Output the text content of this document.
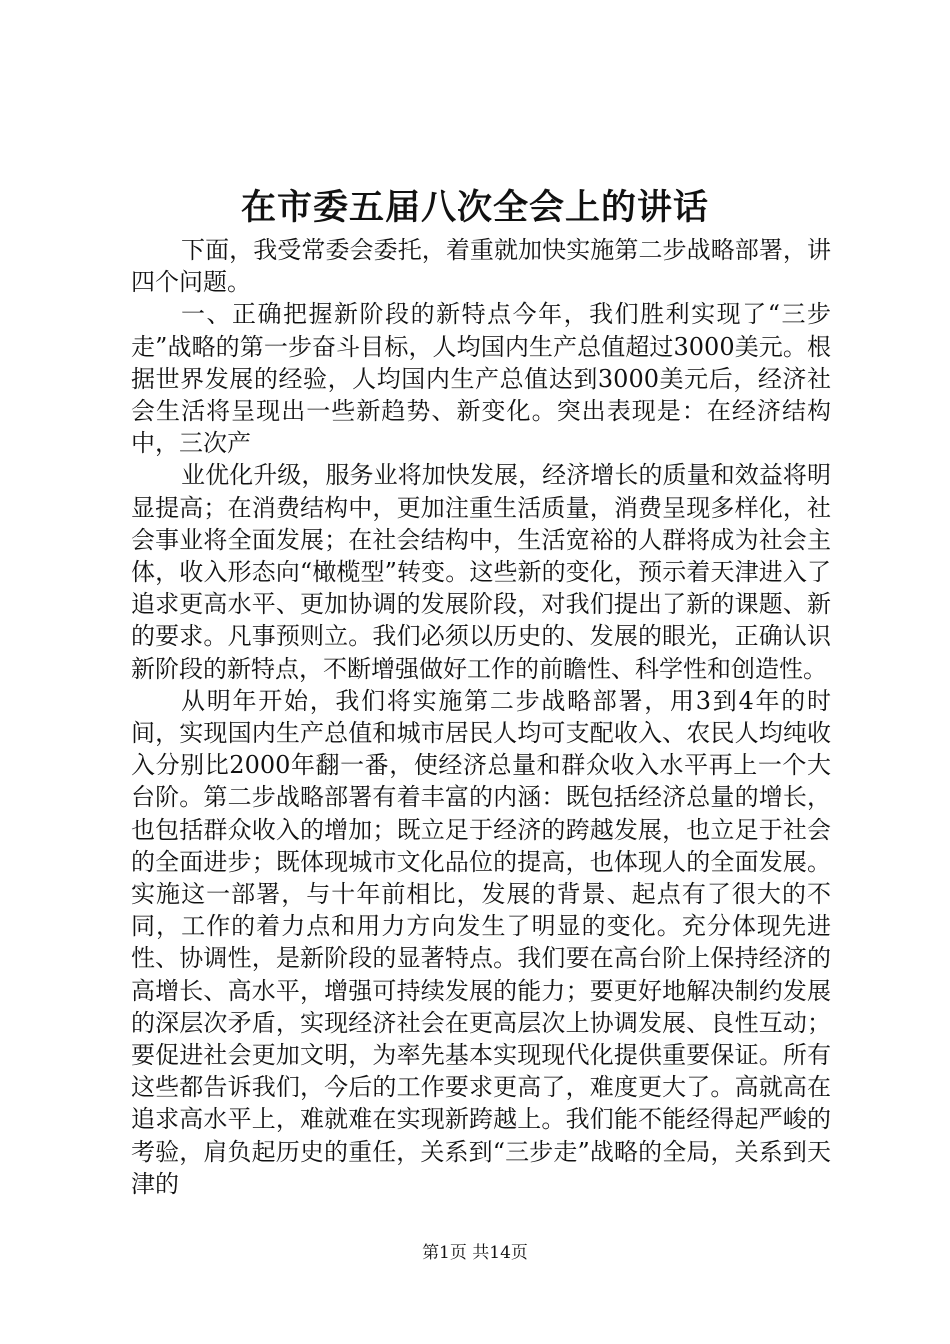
在市委五届八次全会上的讲话

下面，我受常委会委托，着重就加快实施第二步战略部署，讲四个问题。

一、正确把握新阶段的新特点今年，我们胜利实现了“三步走”战略的第一步奋斗目标，人均国内生产总值超过3000美元。根据世界发展的经验，人均国内生产总值达到3000美元后，经济社会生活将呈现出一些新趋势、新变化。突出表现是：在经济结构中，三次产

业优化升级，服务业将加快发展，经济增长的质量和效益将明显提高；在消费结构中，更加注重生活质量，消费呈现多样化，社会事业将全面发展；在社会结构中，生活宽裕的人群将成为社会主体，收入形态向“橄榄型”转变。这些新的变化，预示着天津进入了追求更高水平、更加协调的发展阶段，对我们提出了新的课题、新的要求。凡事预则立。我们必须以历史的、发展的眼光，正确认识新阶段的新特点，不断增强做好工作的前瞻性、科学性和创造性。

从明年开始，我们将实施第二步战略部署，用3到4年的时间，实现国内生产总值和城市居民人均可支配收入、农民人均纯收入分别比2000年翻一番，使经济总量和群众收入水平再上一个大台阶。第二步战略部署有着丰富的内涵：既包括经济总量的增长，也包括群众收入的增加；既立足于经济的跨越发展，也立足于社会的全面进步；既体现城市文化品位的提高，也体现人的全面发展。实施这一部署，与十年前相比，发展的背景、起点有了很大的不同，工作的着力点和用力方向发生了明显的变化。充分体现先进性、协调性，是新阶段的显著特点。我们要在高台阶上保持经济的高增长、高水平，增强可持续发展的能力；要更好地解决制约发展的深层次矛盾，实现经济社会在更高层次上协调发展、良性互动；要促进社会更加文明，为率先基本实现现代化提供重要保证。所有这些都告诉我们，今后的工作要求更高了，难度更大了。高就高在追求高水平上，难就难在实现新跨越上。我们能不能经得起严峻的考验，肩负起历史的重任，关系到“三步走”战略的全局，关系到天津的

第1页 共14页
